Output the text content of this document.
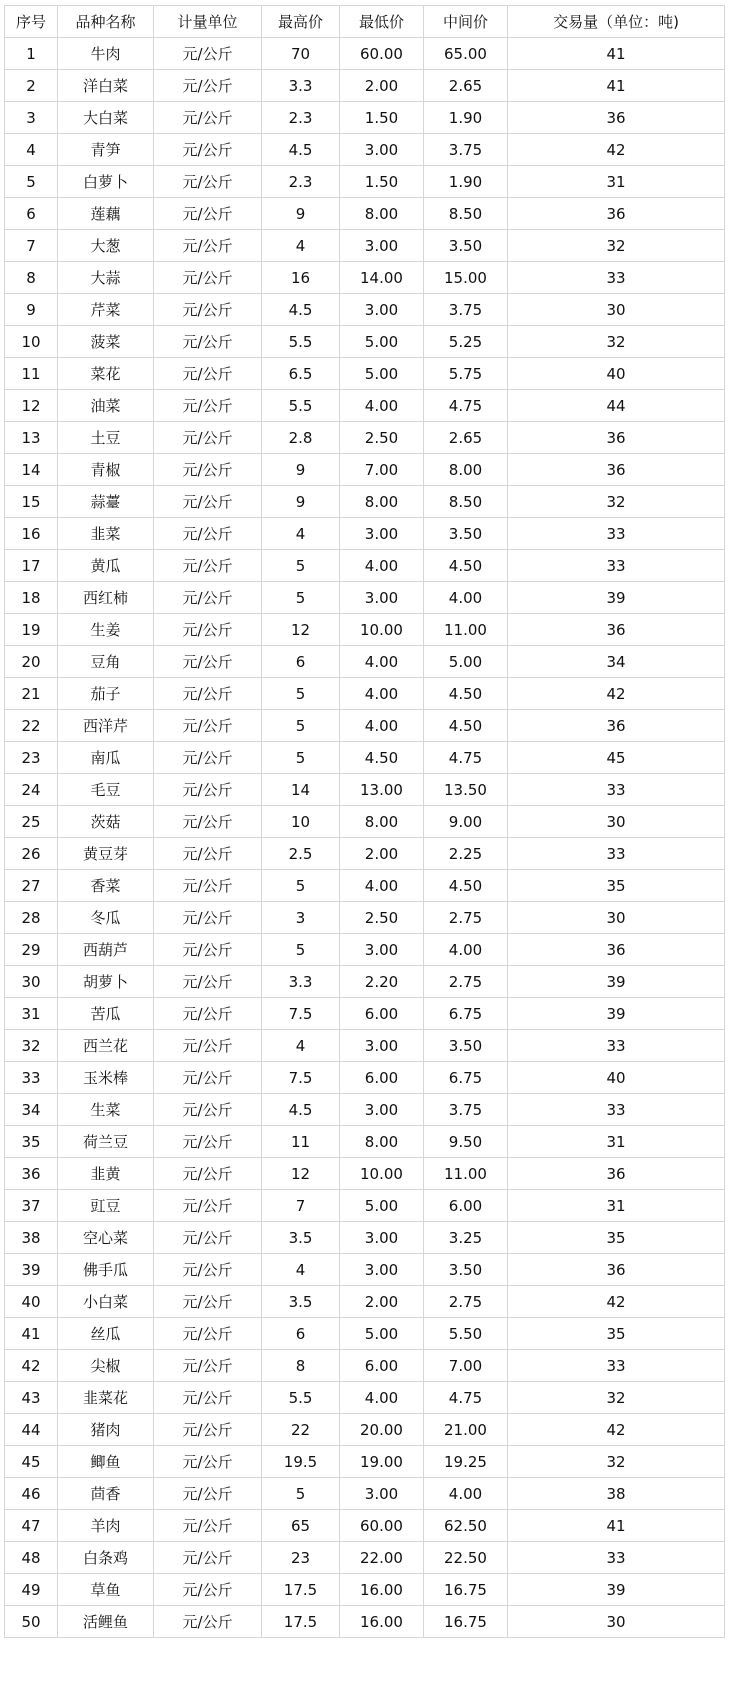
序号	品种名称	计量单位	最高价	最低价	中间价	交易量（单位：吨)
1	牛肉	元/公斤	70	60.00	65.00	41
2	洋白菜	元/公斤	3.3	2.00	2.65	41
3	大白菜	元/公斤	2.3	1.50	1.90	36
4	青笋	元/公斤	4.5	3.00	3.75	42
5	白萝卜	元/公斤	2.3	1.50	1.90	31
6	莲藕	元/公斤	9	8.00	8.50	36
7	大葱	元/公斤	4	3.00	3.50	32
8	大蒜	元/公斤	16	14.00	15.00	33
9	芹菜	元/公斤	4.5	3.00	3.75	30
10	菠菜	元/公斤	5.5	5.00	5.25	32
11	菜花	元/公斤	6.5	5.00	5.75	40
12	油菜	元/公斤	5.5	4.00	4.75	44
13	土豆	元/公斤	2.8	2.50	2.65	36
14	青椒	元/公斤	9	7.00	8.00	36
15	蒜薹	元/公斤	9	8.00	8.50	32
16	韭菜	元/公斤	4	3.00	3.50	33
17	黄瓜	元/公斤	5	4.00	4.50	33
18	西红柿	元/公斤	5	3.00	4.00	39
19	生姜	元/公斤	12	10.00	11.00	36
20	豆角	元/公斤	6	4.00	5.00	34
21	茄子	元/公斤	5	4.00	4.50	42
22	西洋芹	元/公斤	5	4.00	4.50	36
23	南瓜	元/公斤	5	4.50	4.75	45
24	毛豆	元/公斤	14	13.00	13.50	33
25	茨菇	元/公斤	10	8.00	9.00	30
26	黄豆芽	元/公斤	2.5	2.00	2.25	33
27	香菜	元/公斤	5	4.00	4.50	35
28	冬瓜	元/公斤	3	2.50	2.75	30
29	西葫芦	元/公斤	5	3.00	4.00	36
30	胡萝卜	元/公斤	3.3	2.20	2.75	39
31	苦瓜	元/公斤	7.5	6.00	6.75	39
32	西兰花	元/公斤	4	3.00	3.50	33
33	玉米棒	元/公斤	7.5	6.00	6.75	40
34	生菜	元/公斤	4.5	3.00	3.75	33
35	荷兰豆	元/公斤	11	8.00	9.50	31
36	韭黄	元/公斤	12	10.00	11.00	36
37	豇豆	元/公斤	7	5.00	6.00	31
38	空心菜	元/公斤	3.5	3.00	3.25	35
39	佛手瓜	元/公斤	4	3.00	3.50	36
40	小白菜	元/公斤	3.5	2.00	2.75	42
41	丝瓜	元/公斤	6	5.00	5.50	35
42	尖椒	元/公斤	8	6.00	7.00	33
43	韭菜花	元/公斤	5.5	4.00	4.75	32
44	猪肉	元/公斤	22	20.00	21.00	42
45	鲫鱼	元/公斤	19.5	19.00	19.25	32
46	茴香	元/公斤	5	3.00	4.00	38
47	羊肉	元/公斤	65	60.00	62.50	41
48	白条鸡	元/公斤	23	22.00	22.50	33
49	草鱼	元/公斤	17.5	16.00	16.75	39
50	活鲤鱼	元/公斤	17.5	16.00	16.75	30
